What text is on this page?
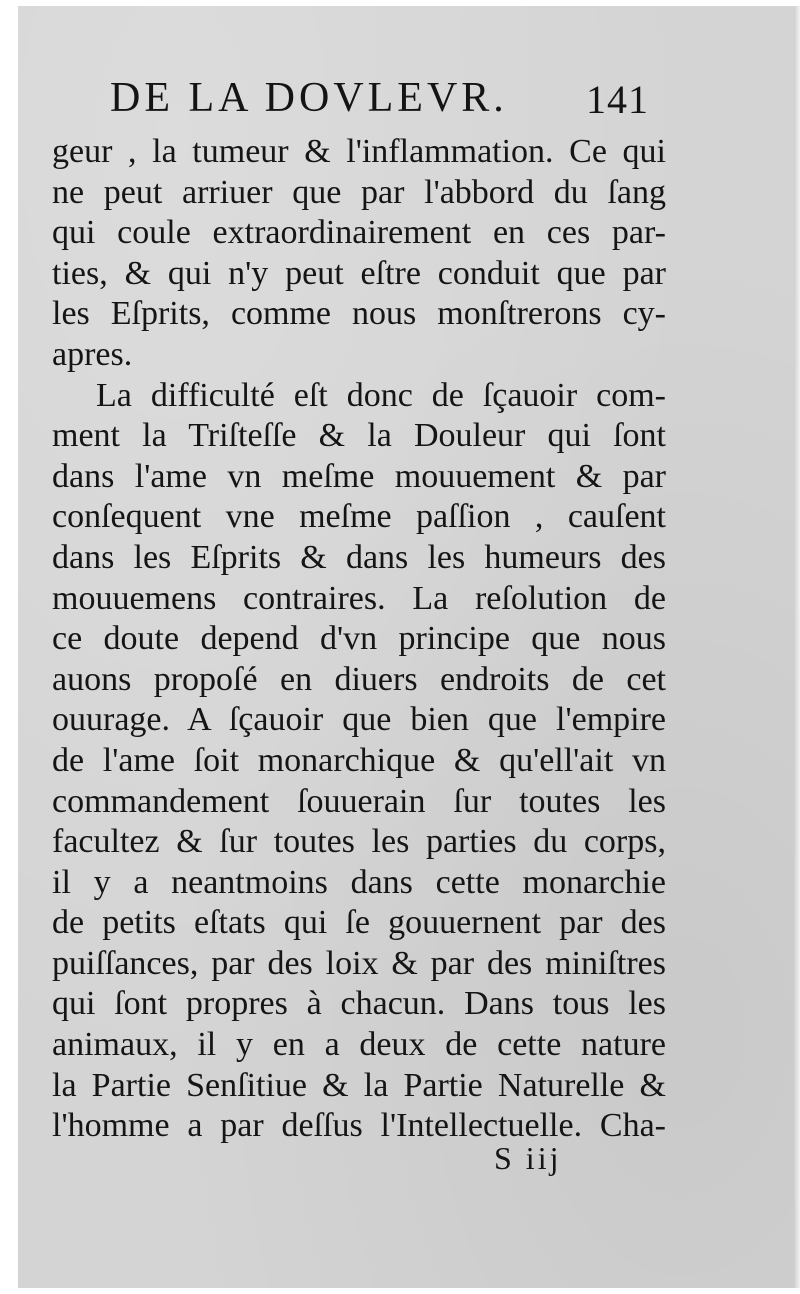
DE LA DOVLEVR. 141
geur , la tumeur & l'inflammation. Ce qui
ne peut arriuer que par l'abbord du ſang
qui coule extraordinairement en ces par-
ties, & qui n'y peut eſtre conduit que par
les Eſprits, comme nous monſtrerons cy-
apres.
La difficulté eſt donc de ſçauoir com-
ment la Triſteſſe & la Douleur qui ſont
dans l'ame vn meſme mouuement & par
conſequent vne meſme paſſion , cauſent
dans les Eſprits & dans les humeurs des
mouuemens contraires. La reſolution de
ce doute depend d'vn principe que nous
auons propoſé en diuers endroits de cet
ouurage. A ſçauoir que bien que l'empire
de l'ame ſoit monarchique & qu'ell'ait vn
commandement ſouuerain ſur toutes les
facultez & ſur toutes les parties du corps,
il y a neantmoins dans cette monarchie
de petits eſtats qui ſe gouuernent par des
puiſſances, par des loix & par des miniſtres
qui ſont propres à chacun. Dans tous les
animaux, il y en a deux de cette nature
la Partie Senſitiue & la Partie Naturelle &
l'homme a par deſſus l'Intellectuelle. Cha-
S iij
